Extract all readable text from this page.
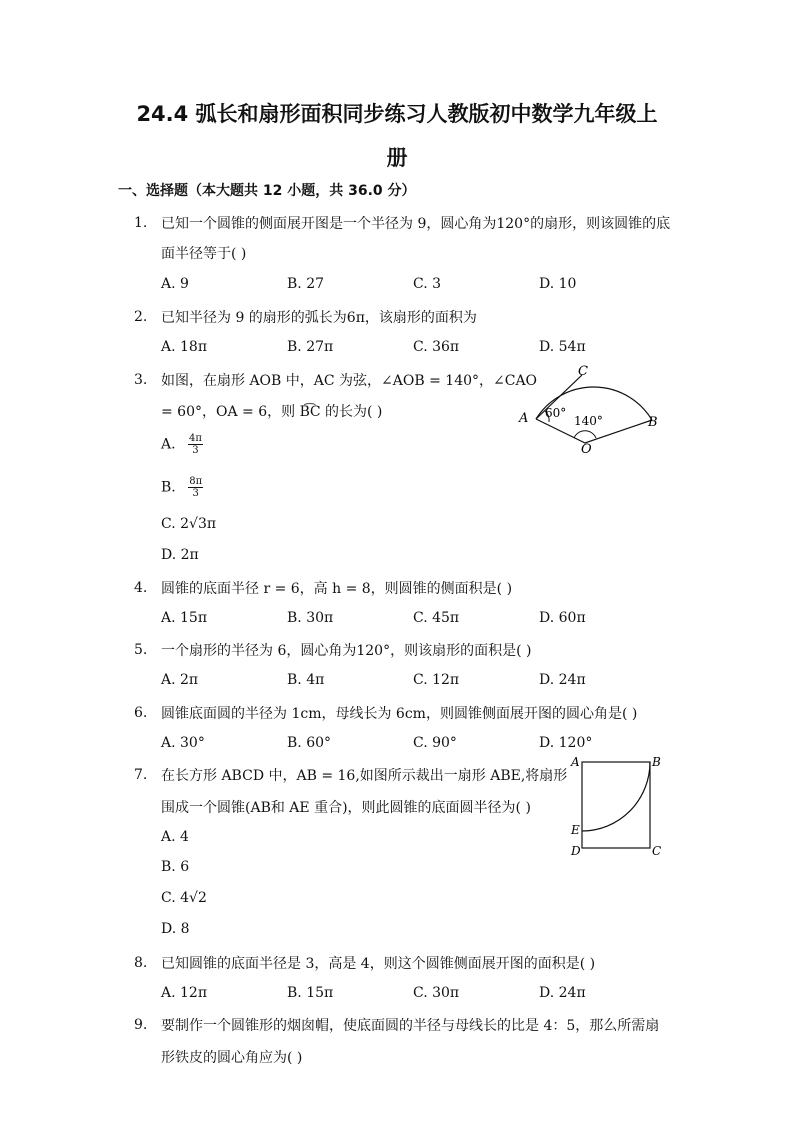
24.4 弧长和扇形面积同步练习人教版初中数学九年级上
册
一、选择题（本大题共 12 小题，共 36.0 分）
1. 已知一个圆锥的侧面展开图是一个半径为 9，圆心角为120°的扇形，则该圆锥的底
面半径等于( )
A. 9	B. 27	C. 3	D. 10
2. 已知半径为 9 的扇形的弧长为6π，该扇形的面积为
A. 18π	B. 27π	C. 36π	D. 54π
3. 如图，在扇形 AOB 中，AC 为弦，∠AOB = 140°，∠CAO
= 60°，OA = 6，则 B͡C 的长为( )
A. $\frac{4\pi}{3}$
B. $\frac{8\pi}{3}$
C. 2√3π
D. 2π
C
A 60°
140°	B
O
4. 圆锥的底面半径 r = 6，高 h = 8，则圆锥的侧面积是( )
A. 15π	B. 30π	C. 45π	D. 60π
5. 一个扇形的半径为 6，圆心角为120°，则该扇形的面积是( )
A. 2π	B. 4π	C. 12π	D. 24π
6. 圆锥底面圆的半径为 1cm，母线长为 6cm，则圆锥侧面展开图的圆心角是( )
A. 30°	B. 60°	C. 90°	D. 120°
7. 在长方形 ABCD 中，AB = 16,如图所示裁出一扇形 ABE,将扇形
围成一个圆锥(AB和 AE 重合)，则此圆锥的底面圆半径为( )
A. 4
B. 6
C. 4√2
D. 8
A	B
E
D	C
8. 已知圆锥的底面半径是 3，高是 4，则这个圆锥侧面展开图的面积是( )
A. 12π	B. 15π	C. 30π	D. 24π
9. 要制作一个圆锥形的烟囱帽，使底面圆的半径与母线长的比是 4：5，那么所需扇
形铁皮的圆心角应为( )
